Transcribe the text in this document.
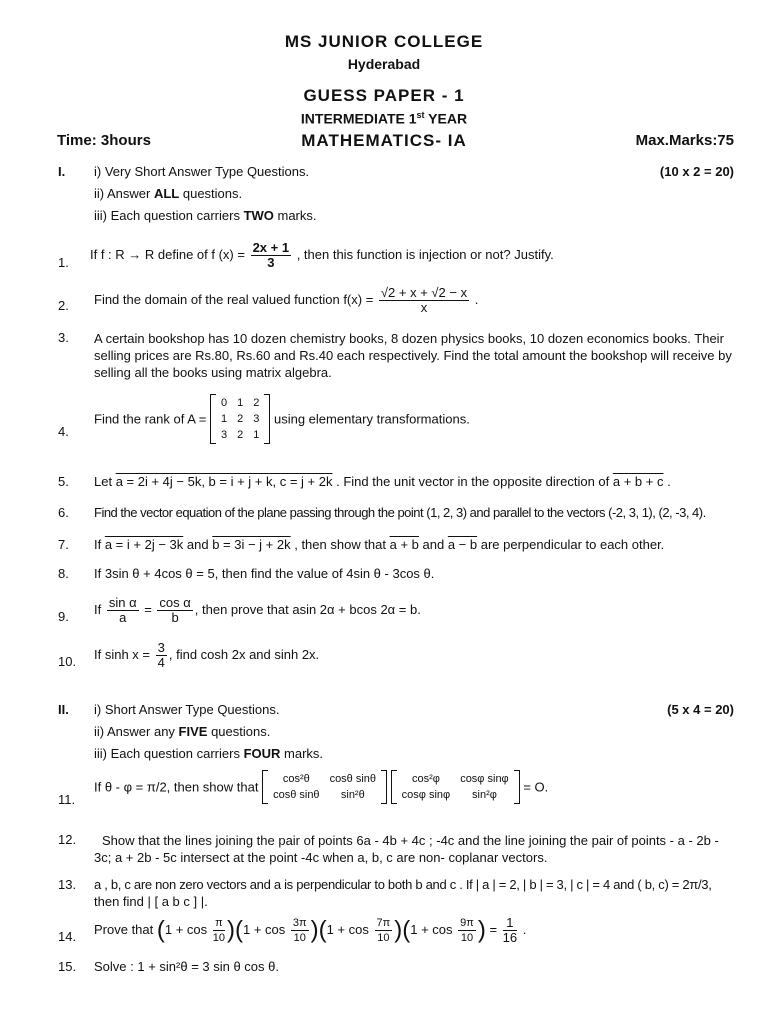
MS JUNIOR COLLEGE
Hyderabad
GUESS PAPER - 1
INTERMEDIATE 1st YEAR
Time: 3hours	MATHEMATICS- IA	Max.Marks:75
I. i) Very Short Answer Type Questions.	(10 x 2 = 20)
ii) Answer ALL questions.
iii) Each question carriers TWO marks.
1.
If f : R → R define of f $(x) = \frac{2x + 1}{3}$ , then this function is injection or not? Justify.
2. Find the domain of the real valued function $f(x) = \frac{√2 + x + √2 - x}{x}$ .
3. A certain bookshop has 10 dozen chemistry books, 8 dozen physics books, 10 dozen economics books. Their selling prices are Rs.80, Rs.60 and Rs.40 each respectively. Find the total amount the bookshop will receive by selling all the books using matrix algebra.
4.
Find the rank of A =
0	1	2
1	2	3
3	2	1
using elementary transformations.
5. Let a = 2i + 4j − 5k, b = i + j + k, c = j + 2k . Find the unit vector in the opposite direction of a + b + c .
6. Find the vector equation of the plane passing through the point (1, 2, 3) and parallel to the vectors (-2, 3, 1), (2, -3, 4).
7. If a = i + 2j − 3k and b = 3i − j + 2k , then show that a + b and a − b are perpendicular to each other.
8. If 3sin θ + 4cos θ = 5, then find the value of 4sin θ - 3cos θ.
9. If $\frac{\text{sin α}}{a} = \frac{\text{cos α}}{b}$ , then prove that asin 2α + bcos 2α = b.
10. If $\sinh x = \frac{3}{4}$ , find cosh 2x and sinh 2x.
II. i) Short Answer Type Questions.	(5 x 4 = 20)
ii) Answer any FIVE questions.
iii) Each question carriers FOUR marks.
11.
If θ - φ = π/2, then show that
cos²θ	cosθ sinθ
cosθ sinθ	sin²θ

cos²φ	cosφ sinφ
cosφ sinφ	sin²φ
= O.
12.	Show that the lines joining the pair of points 6a - 4b + 4c ; -4c and the line joining the pair of points - a - 2b - 3c; a + 2b - 5c intersect at the point -4c when a, b, c are non- coplanar vectors.
13. a , b, c are non zero vectors and a is perpendicular to both b and c . If | a | = 2, | b | = 3, | c | = 4 and ( b, c) = 2π/3,
then find | [ a b c ] |.
14. Prove that $(1 + \cos \frac{\pi}{10} )(1 + \cos \frac{3\pi}{10} )(1 + \cos \frac{7\pi}{10} )(1 + \cos \frac{9\pi}{10}$ ) = $\frac{1}{16}$ .
15. Solve : 1 + sin²θ = 3 sin θ cos θ.
